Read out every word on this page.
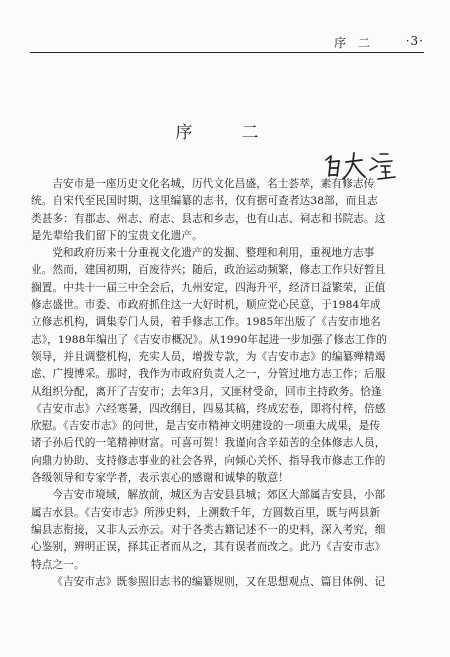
序 二	·3·
序　二

吉安市是一座历史文化名城，历代文化昌盛，名士荟萃，素有修志传
统。自宋代至民国时期，这里编纂的志书，仅有据可查者达38部，而且志
类甚多：有郡志、州志、府志、县志和乡志，也有山志、祠志和书院志。这
是先辈给我们留下的宝贵文化遗产。

党和政府历来十分重视文化遗产的发掘、整理和利用，重视地方志事
业。然而，建国初期，百废待兴；随后，政治运动频繁，修志工作只好暂且
搁置。中共十一届三中全会后，九州安定，四海升平，经济日益繁荣，正值
修志盛世。市委、市政府抓住这一大好时机，顺应党心民意，于1984年成
立修志机构，调集专门人员，着手修志工作。1985年出版了《吉安市地名
志》，1988年编出了《吉安市概况》。从1990年起进一步加强了修志工作的
领导，并且调整机构，充实人员，增拨专款，为《吉安市志》的编纂殚精竭
虑、广搜博采。那时，我作为市政府负责人之一，分管过地方志工作；后服
从组织分配，离开了吉安市；去年3月，又匪材受命，回市主持政务。恰逢
《吉安市志》六经寒暑，四改纲目，四易其稿，终成宏卷，即将付梓，倍感
欣慰。《吉安市志》的问世，是吉安市精神文明建设的一项重大成果，是传
诸子孙后代的一笔精神财富。可喜可贺！我谨向含辛茹苦的全体修志人员，
向鼎力协助、支持修志事业的社会各界，向倾心关怀、指导我市修志工作的
各级领导和专家学者，表示衷心的感谢和诚挚的敬意！

今吉安市境域，解放前，城区为吉安县县城；郊区大部属吉安县，小部
属吉水县。《吉安市志》所涉史料，上溯数千年，方圆数百里，既与两县新
编县志衔接，又非人云亦云。对于各类古籍记述不一的史料，深入考究，细
心鉴别，辨明正误，择其正者而从之，其有误者而改之。此乃《吉安市志》
特点之一。

《吉安市志》既参照旧志书的编纂规则，又在思想观点、篇目体例、记
